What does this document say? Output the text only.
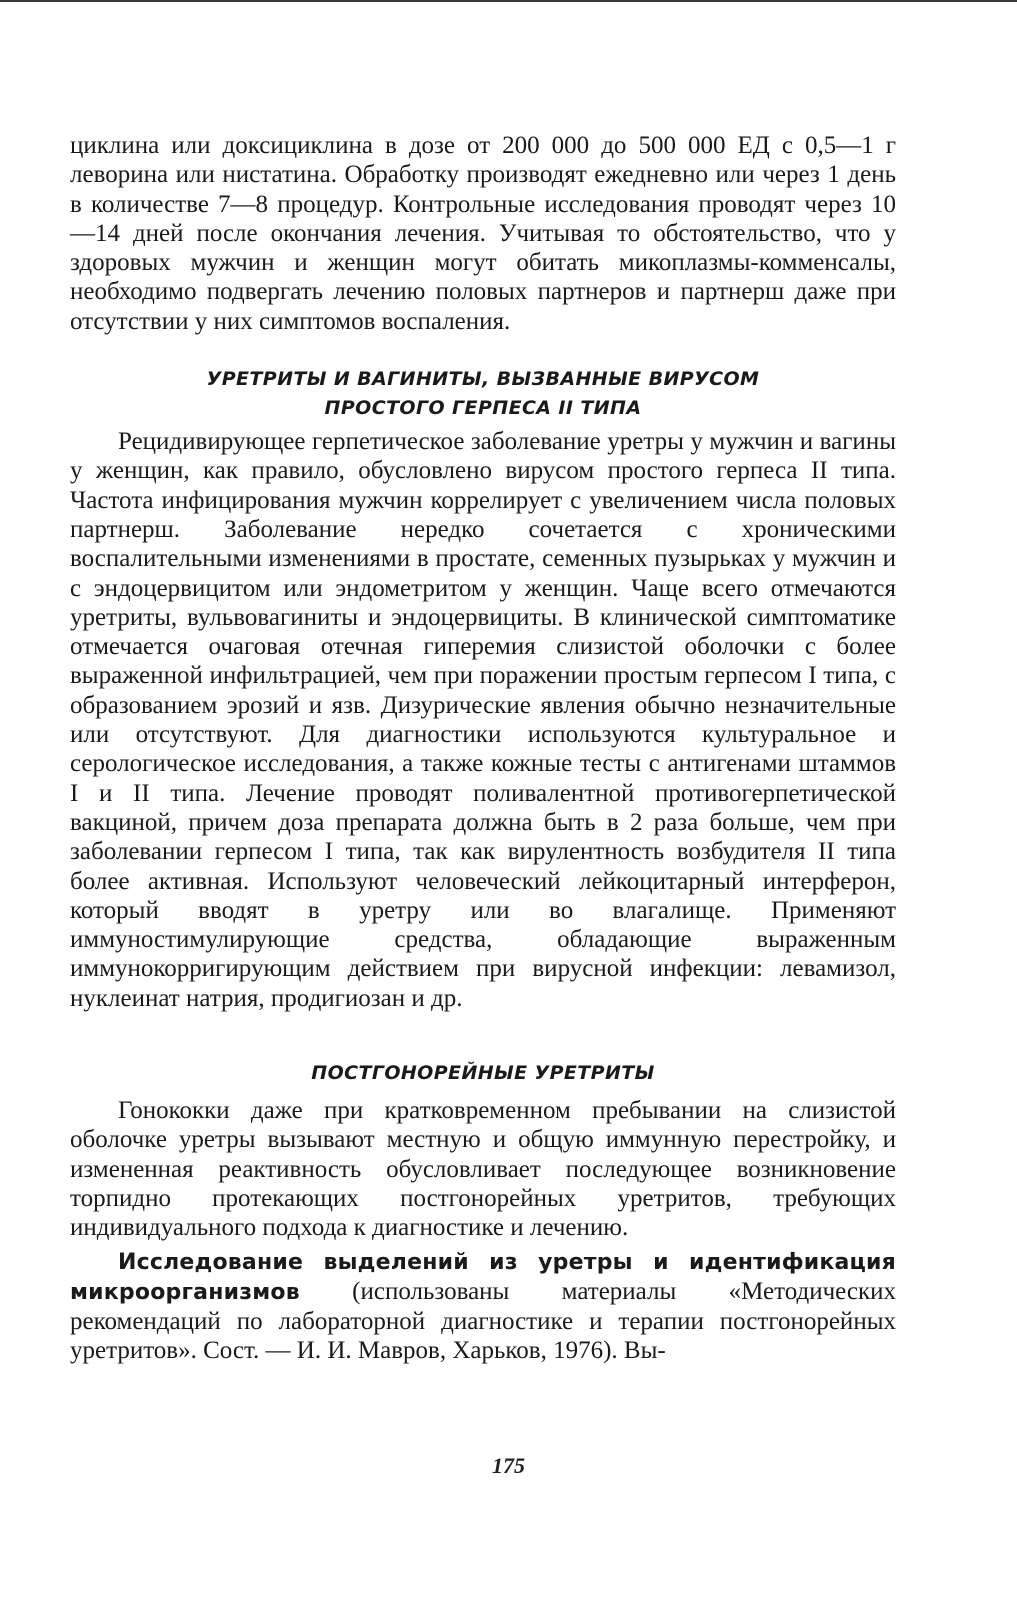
циклина или доксициклина в дозе от 200 000 до 500 000 ЕД с 0,5—1 г леворина или нистатина. Обработку производят ежедневно или через 1 день в количестве 7—8 процедур. Контрольные исследования проводят через 10—14 дней после окончания лечения. Учитывая то обстоятельство, что у здоровых мужчин и женщин могут обитать микоплазмы-комменсалы, необходимо подвергать лечению половых партнеров и партнерш даже при отсутствии у них симптомов воспаления.

УРЕТРИТЫ И ВАГИНИТЫ, ВЫЗВАННЫЕ ВИРУСОМ
ПРОСТОГО ГЕРПЕСА II ТИПА

Рецидивирующее герпетическое заболевание уретры у мужчин и вагины у женщин, как правило, обусловлено вирусом простого герпеса II типа. Частота инфицирования мужчин коррелирует с увеличением числа половых партнерш. Заболевание нередко сочетается с хроническими воспалительными изменениями в простате, семенных пузырьках у мужчин и с эндоцервицитом или эндометритом у женщин. Чаще всего отмечаются уретриты, вульвовагиниты и эндоцервициты. В клинической симптоматике отмечается очаговая отечная гиперемия слизистой оболочки с более выраженной инфильтрацией, чем при поражении простым герпесом I типа, с образованием эрозий и язв. Дизурические явления обычно незначительные или отсутствуют. Для диагностики используются культуральное и серологическое исследования, а также кожные тесты с антигенами штаммов I и II типа. Лечение проводят поливалентной противогерпетической вакциной, причем доза препарата должна быть в 2 раза больше, чем при заболевании герпесом I типа, так как вирулентность возбудителя II типа более активная. Используют человеческий лейкоцитарный интерферон, который вводят в уретру или во влагалище. Применяют иммуностимулирующие средства, обладающие выраженным иммунокорригирующим действием при вирусной инфекции: левамизол, нуклеинат натрия, продигиозан и др.

ПОСТГОНОРЕЙНЫЕ УРЕТРИТЫ

Гонококки даже при кратковременном пребывании на слизистой оболочке уретры вызывают местную и общую иммунную перестройку, и измененная реактивность обусловливает последующее возникновение торпидно протекающих постгонорейных уретритов, требующих индивидуального подхода к диагностике и лечению.

Исследование выделений из уретры и идентификация микроорганизмов (использованы материалы «Методических рекомендаций по лабораторной диагностике и терапии постгонорейных уретритов». Сост. — И. И. Мавров, Харьков, 1976). Вы-

175
